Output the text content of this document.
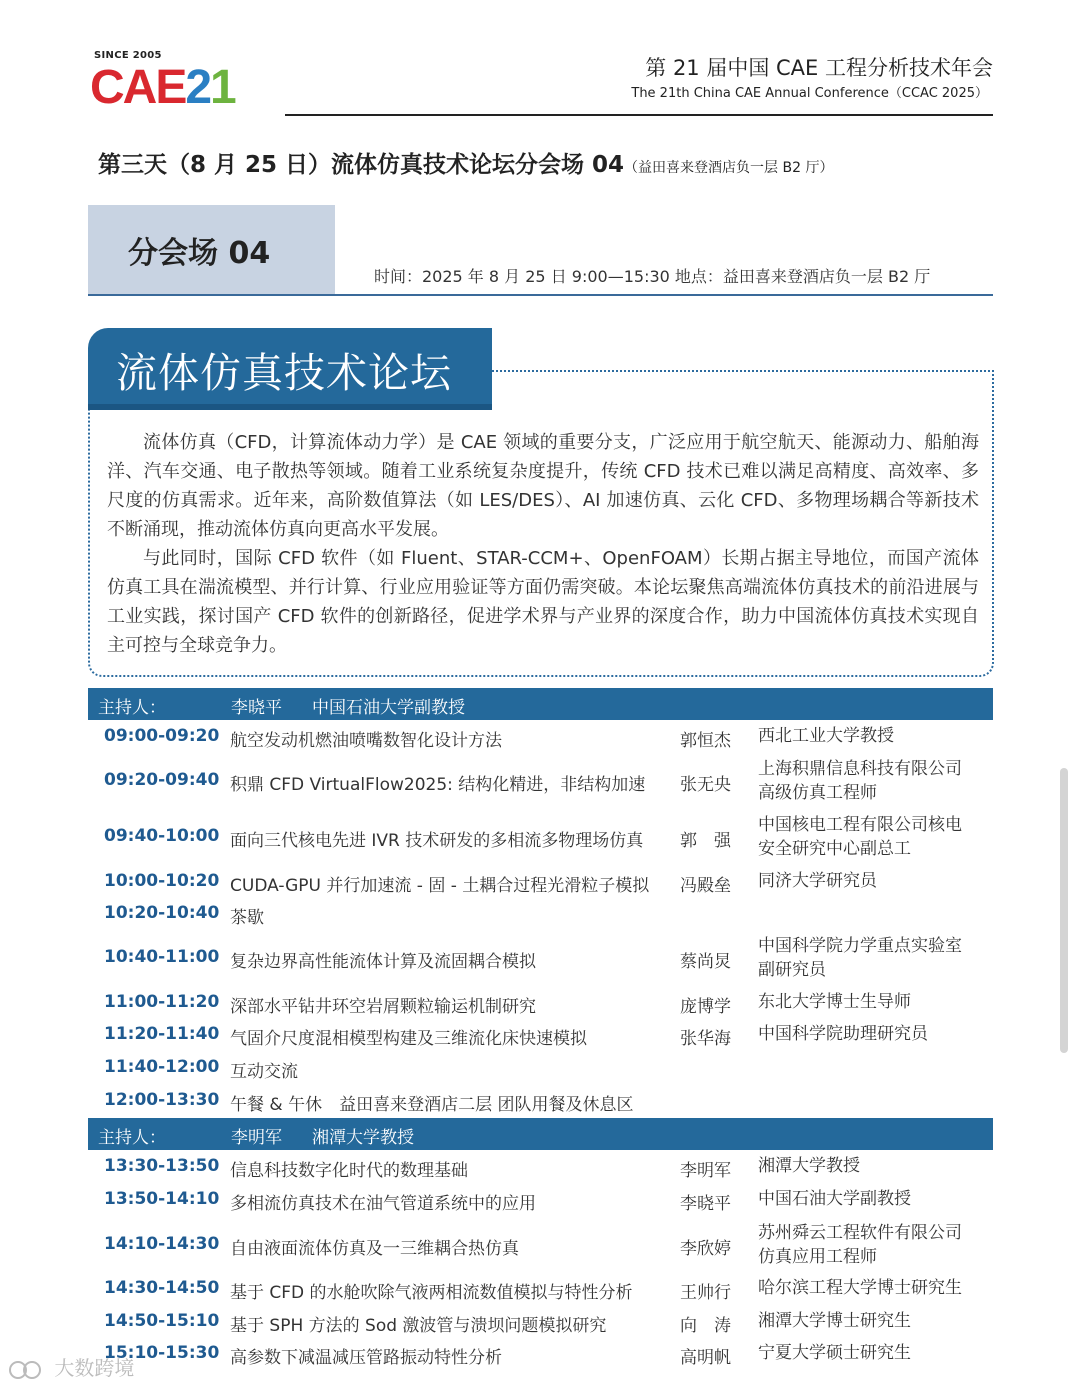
SINCE 2005
CAE21	第 21 届中国 CAE 工程分析技术年会
The 21th China CAE Annual Conference（CCAC 2025）
第三天（8 月 25 日）流体仿真技术论坛分会场 04（益田喜来登酒店负一层 B2 厅）
分会场 04
时间：2025 年 8 月 25 日 9:00—15:30 地点：益田喜来登酒店负一层 B2 厅
流体仿真技术论坛

流体仿真（CFD，计算流体动力学）是 CAE 领域的重要分支，广泛应用于航空航天、能源动力、船舶海洋、汽车交通、电子散热等领域。随着工业系统复杂度提升，传统 CFD 技术已难以满足高精度、高效率、多尺度的仿真需求。近年来，高阶数值算法（如 LES/DES）、AI 加速仿真、云化 CFD、多物理场耦合等新技术不断涌现，推动流体仿真向更高水平发展。

与此同时，国际 CFD 软件（如 Fluent、STAR-CCM+、OpenFOAM）长期占据主导地位，而国产流体仿真工具在湍流模型、并行计算、行业应用验证等方面仍需突破。本论坛聚焦高端流体仿真技术的前沿进展与工业实践，探讨国产 CFD 软件的创新路径，促进学术界与产业界的深度合作，助力中国流体仿真技术实现自主可控与全球竞争力。

主持人：	李晓平 中国石油大学副教授
09:00-09:20 航空发动机燃油喷嘴数智化设计方法	郭恒杰 西北工业大学教授
09:20-09:40 积鼎 CFD VirtualFlow2025: 结构化精进，非结构加速 张无央
上海积鼎信息科技有限公司
高级仿真工程师
09:40-10:00 面向三代核电先进 IVR 技术研发的多相流多物理场仿真 郭　强
中国核电工程有限公司核电
安全研究中心副总工
10:00-10:20 CUDA-GPU 并行加速流 - 固 - 土耦合过程光滑粒子模拟 冯殿垒 同济大学研究员
10:20-10:40 茶歇
10:40-11:00 复杂边界高性能流体计算及流固耦合模拟	蔡尚炅
中国科学院力学重点实验室
副研究员
11:00-11:20 深部水平钻井环空岩屑颗粒输运机制研究	庞博学 东北大学博士生导师
11:20-11:40 气固介尺度混相模型构建及三维流化床快速模拟	张华海 中国科学院助理研究员
11:40-12:00 互动交流
12:00-13:30 午餐 & 午休　益田喜来登酒店二层 团队用餐及休息区
主持人：	李明军 湘潭大学教授
13:30-13:50 信息科技数字化时代的数理基础	李明军 湘潭大学教授
13:50-14:10 多相流仿真技术在油气管道系统中的应用	李晓平 中国石油大学副教授
14:10-14:30 自由液面流体仿真及一三维耦合热仿真	李欣婷
苏州舜云工程软件有限公司
仿真应用工程师
14:30-14:50 基于 CFD 的水舱吹除气液两相流数值模拟与特性分析	王帅行 哈尔滨工程大学博士研究生
14:50-15:10 基于 SPH 方法的 Sod 激波管与溃坝问题模拟研究	向　涛 湘潭大学博士研究生
15:10-15:30 高参数下减温减压管路振动特性分析	高明帆 宁夏大学硕士研究生
大数跨境
